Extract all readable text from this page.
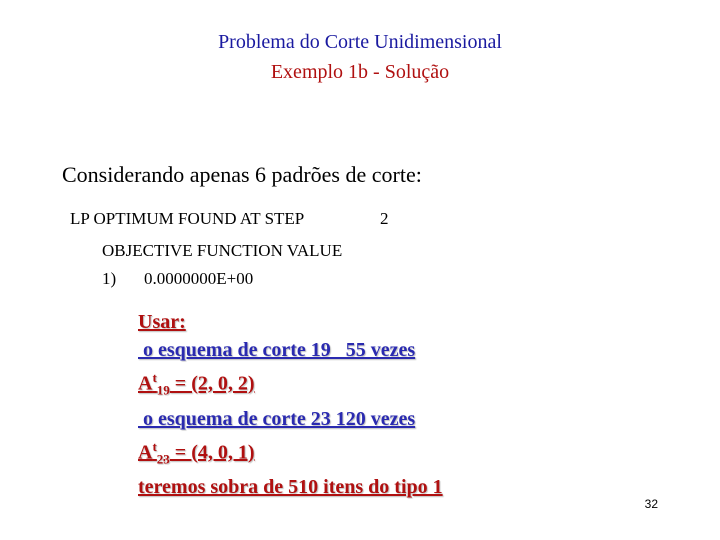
Problema do Corte Unidimensional
Exemplo 1b - Solução
Considerando apenas 6 padrões de corte:
LP OPTIMUM FOUND AT STEP	2
OBJECTIVE FUNCTION VALUE
1) 0.0000000E+00
Usar:
o esquema de corte 19   55 vezes
$A^t_{19} = (2$, 0, 2)
o esquema de corte 23 120 vezes
$A^t_{23} = (4$, 0, 1)
teremos sobra de 510 itens do tipo 1
32
